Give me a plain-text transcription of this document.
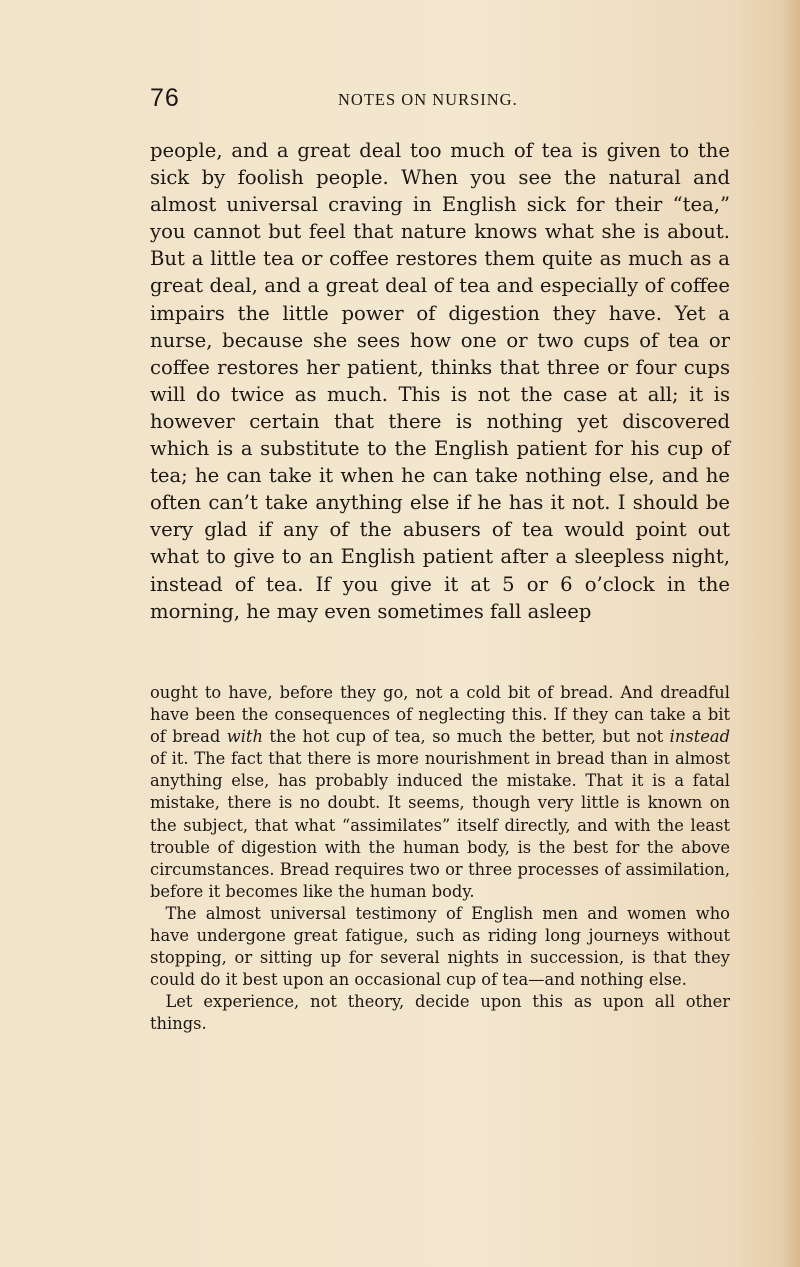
76	NOTES ON NURSING.

people, and a great deal too much of tea is given to the sick by foolish people. When you see the natural and almost universal craving in English sick for their “tea,” you cannot but feel that nature knows what she is about. But a little tea or coffee restores them quite as much as a great deal, and a great deal of tea and especially of coffee impairs the little power of digestion they have. Yet a nurse, because she sees how one or two cups of tea or coffee restores her patient, thinks that three or four cups will do twice as much. This is not the case at all; it is however certain that there is nothing yet discovered which is a substitute to the English patient for his cup of tea; he can take it when he can take nothing else, and he often can’t take anything else if he has it not. I should be very glad if any of the abusers of tea would point out what to give to an English patient after a sleepless night, instead of tea. If you give it at 5 or 6 o’clock in the morning, he may even sometimes fall asleep

ought to have, before they go, not a cold bit of bread. And dreadful have been the consequences of neglecting this. If they can take a bit of bread with the hot cup of tea, so much the better, but not instead of it. The fact that there is more nourishment in bread than in almost anything else, has probably induced the mistake. That it is a fatal mistake, there is no doubt. It seems, though very little is known on the subject, that what “assimilates” itself directly, and with the least trouble of digestion with the human body, is the best for the above circumstances. Bread requires two or three processes of assimilation, before it becomes like the human body.

The almost universal testimony of English men and women who have undergone great fatigue, such as riding long journeys without stopping, or sitting up for several nights in succession, is that they could do it best upon an occasional cup of tea—and nothing else.

Let experience, not theory, decide upon this as upon all other things.
